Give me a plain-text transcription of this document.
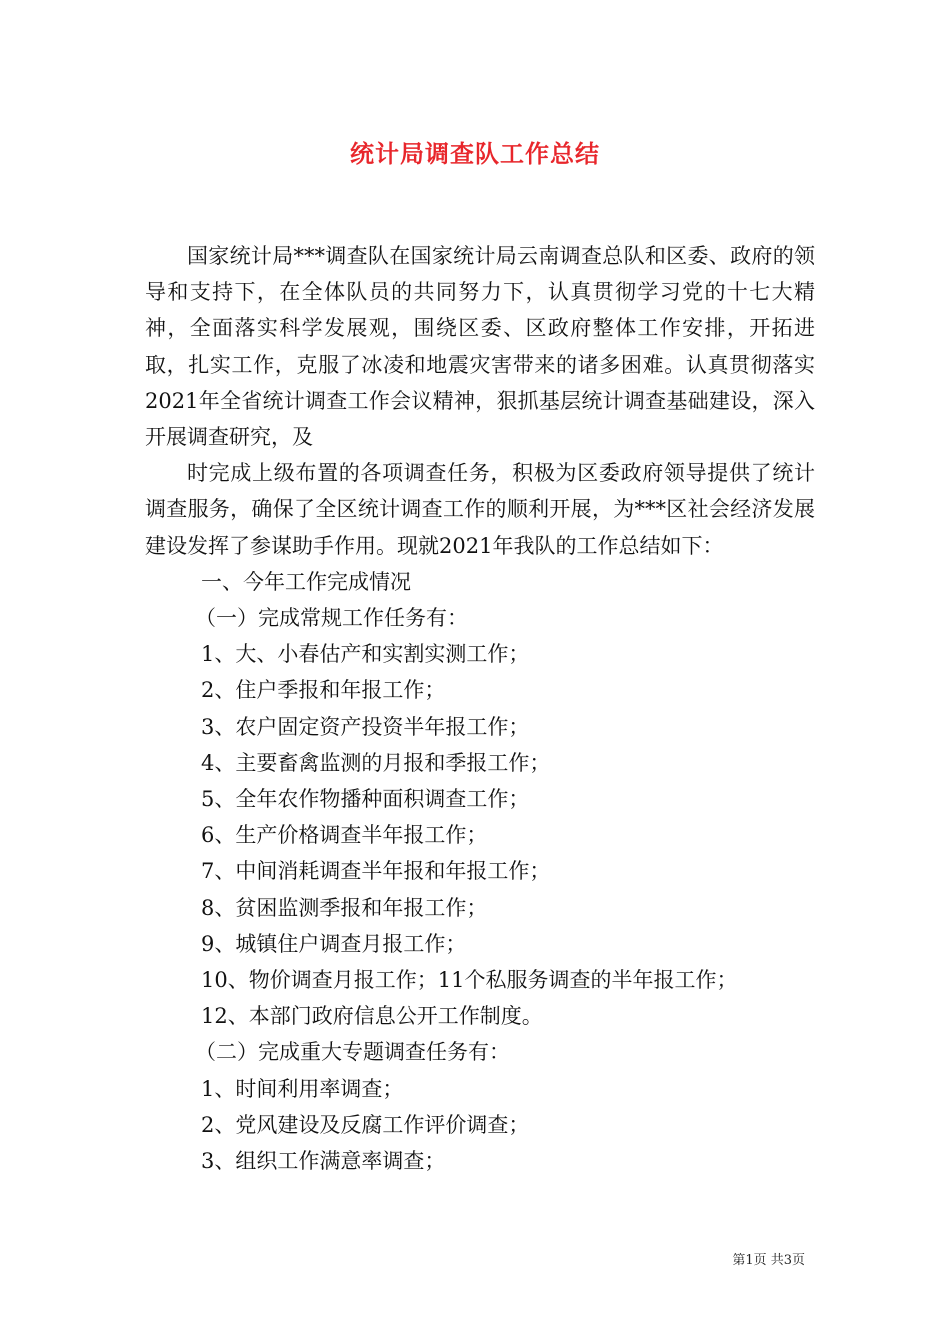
统计局调查队工作总结

国家统计局***调查队在国家统计局云南调查总队和区委、政府的领导和支持下，在全体队员的共同努力下，认真贯彻学习党的十七大精神，全面落实科学发展观，围绕区委、区政府整体工作安排，开拓进取，扎实工作，克服了冰凌和地震灾害带来的诸多困难。认真贯彻落实2021年全省统计调查工作会议精神，狠抓基层统计调查基础建设，深入开展调查研究，及

时完成上级布置的各项调查任务，积极为区委政府领导提供了统计调查服务，确保了全区统计调查工作的顺利开展，为***区社会经济发展建设发挥了参谋助手作用。现就2021年我队的工作总结如下：

一、今年工作完成情况

（一）完成常规工作任务有：

1、大、小春估产和实割实测工作；

2、住户季报和年报工作；

3、农户固定资产投资半年报工作；

4、主要畜禽监测的月报和季报工作；

5、全年农作物播种面积调查工作；

6、生产价格调查半年报工作；

7、中间消耗调查半年报和年报工作；

8、贫困监测季报和年报工作；

9、城镇住户调查月报工作；

10、物价调查月报工作；11个私服务调查的半年报工作；

12、本部门政府信息公开工作制度。

（二）完成重大专题调查任务有：

1、时间利用率调查；

2、党风建设及反腐工作评价调查；

3、组织工作满意率调查；

第1页 共3页
